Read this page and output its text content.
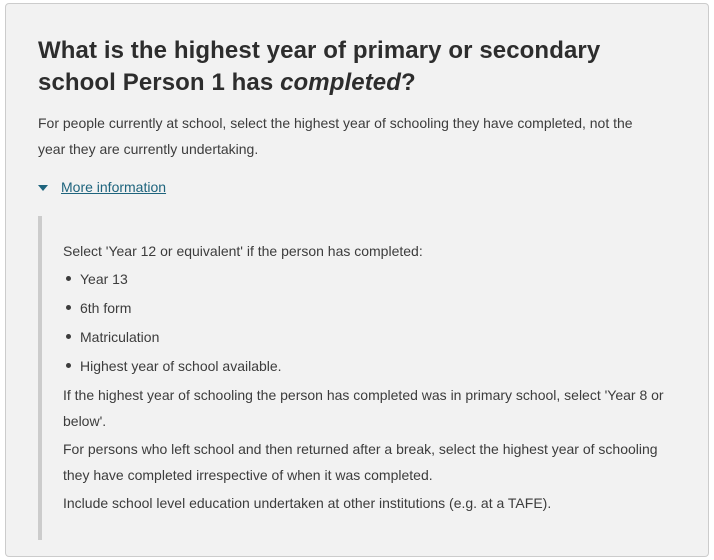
What is the highest year of primary or secondary school Person 1 has completed?

For people currently at school, select the highest year of schooling they have completed, not the year they are currently undertaking.

More information

Select 'Year 12 or equivalent' if the person has completed:

Year 13
6th form
Matriculation
Highest year of school available.

If the highest year of schooling the person has completed was in primary school, select 'Year 8 or below'.

For persons who left school and then returned after a break, select the highest year of schooling they have completed irrespective of when it was completed.

Include school level education undertaken at other institutions (e.g. at a TAFE).
